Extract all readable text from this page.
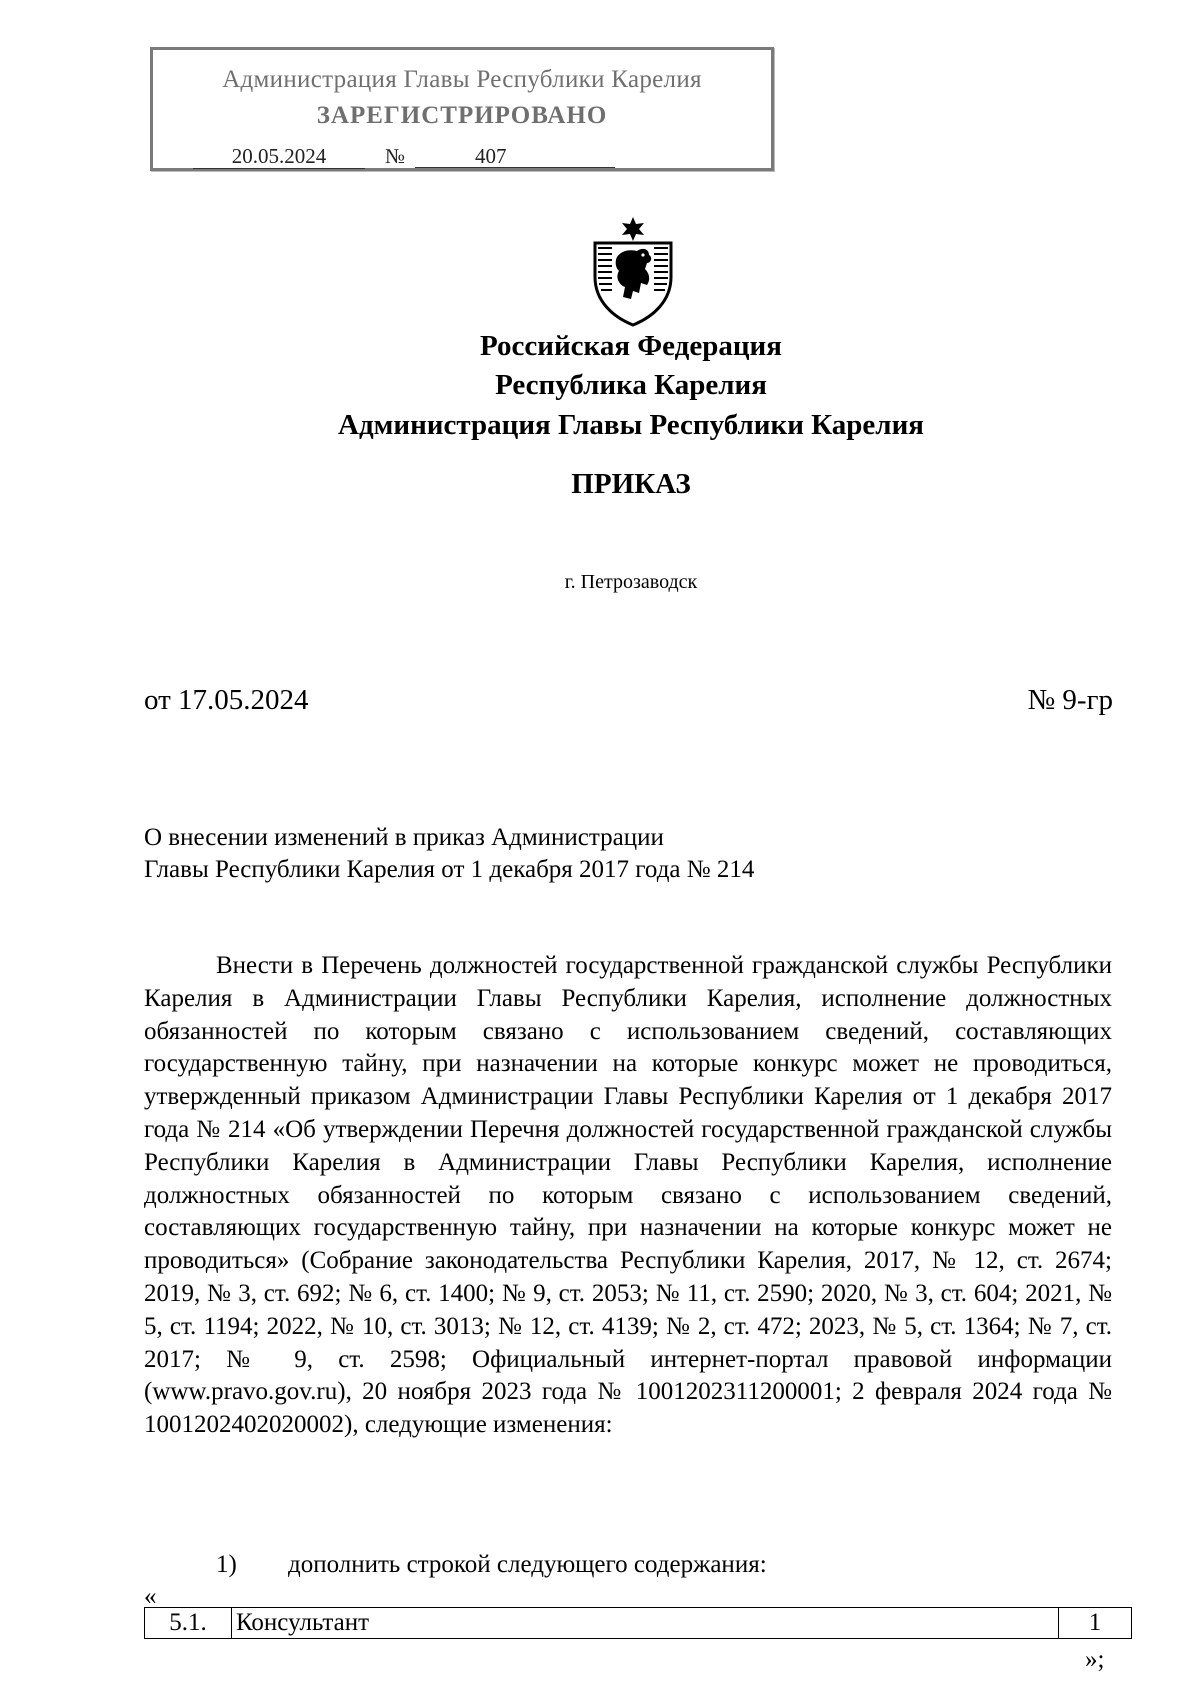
Администрация Главы Республики Карелия
ЗАРЕГИСТРИРОВАНО
20.05.2024	№	407
Российская Федерация
Республика Карелия
Администрация Главы Республики Карелия
ПРИКАЗ
г. Петрозаводск
от 17.05.2024	№ 9-гр
О внесении изменений в приказ Администрации
Главы Республики Карелия от 1 декабря 2017 года № 214
Внести в Перечень должностей государственной гражданской службы Республики Карелия в Администрации Главы Республики Карелия, исполнение должностных обязанностей по которым связано с использованием сведений, составляющих государственную тайну, при назначении на которые конкурс может не проводиться, утвержденный приказом Администрации Главы Республики Карелия от 1 декабря 2017 года № 214 «Об утверждении Перечня должностей государственной гражданской службы Республики Карелия в Администрации Главы Республики Карелия, исполнение должностных обязанностей по которым связано с использованием сведений, составляющих государственную тайну, при назначении на которые конкурс может не проводиться» (Собрание законодательства Республики Карелия, 2017, № 12, ст. 2674; 2019, № 3, ст. 692; № 6, ст. 1400; № 9, ст. 2053; № 11, ст. 2590; 2020, № 3, ст. 604; 2021, № 5, ст. 1194; 2022, № 10, ст. 3013; № 12, ст. 4139; № 2, ст. 472; 2023, № 5, ст. 1364; № 7, ст. 2017; № 9, ст. 2598; Официальный интернет-портал правовой информации (www.pravo.gov.ru), 20 ноября 2023 года № 1001202311200001; 2 февраля 2024 года № 1001202402020002), следующие изменения:
1) дополнить строкой следующего содержания:
«
5.1.	Консультант	1
»;
